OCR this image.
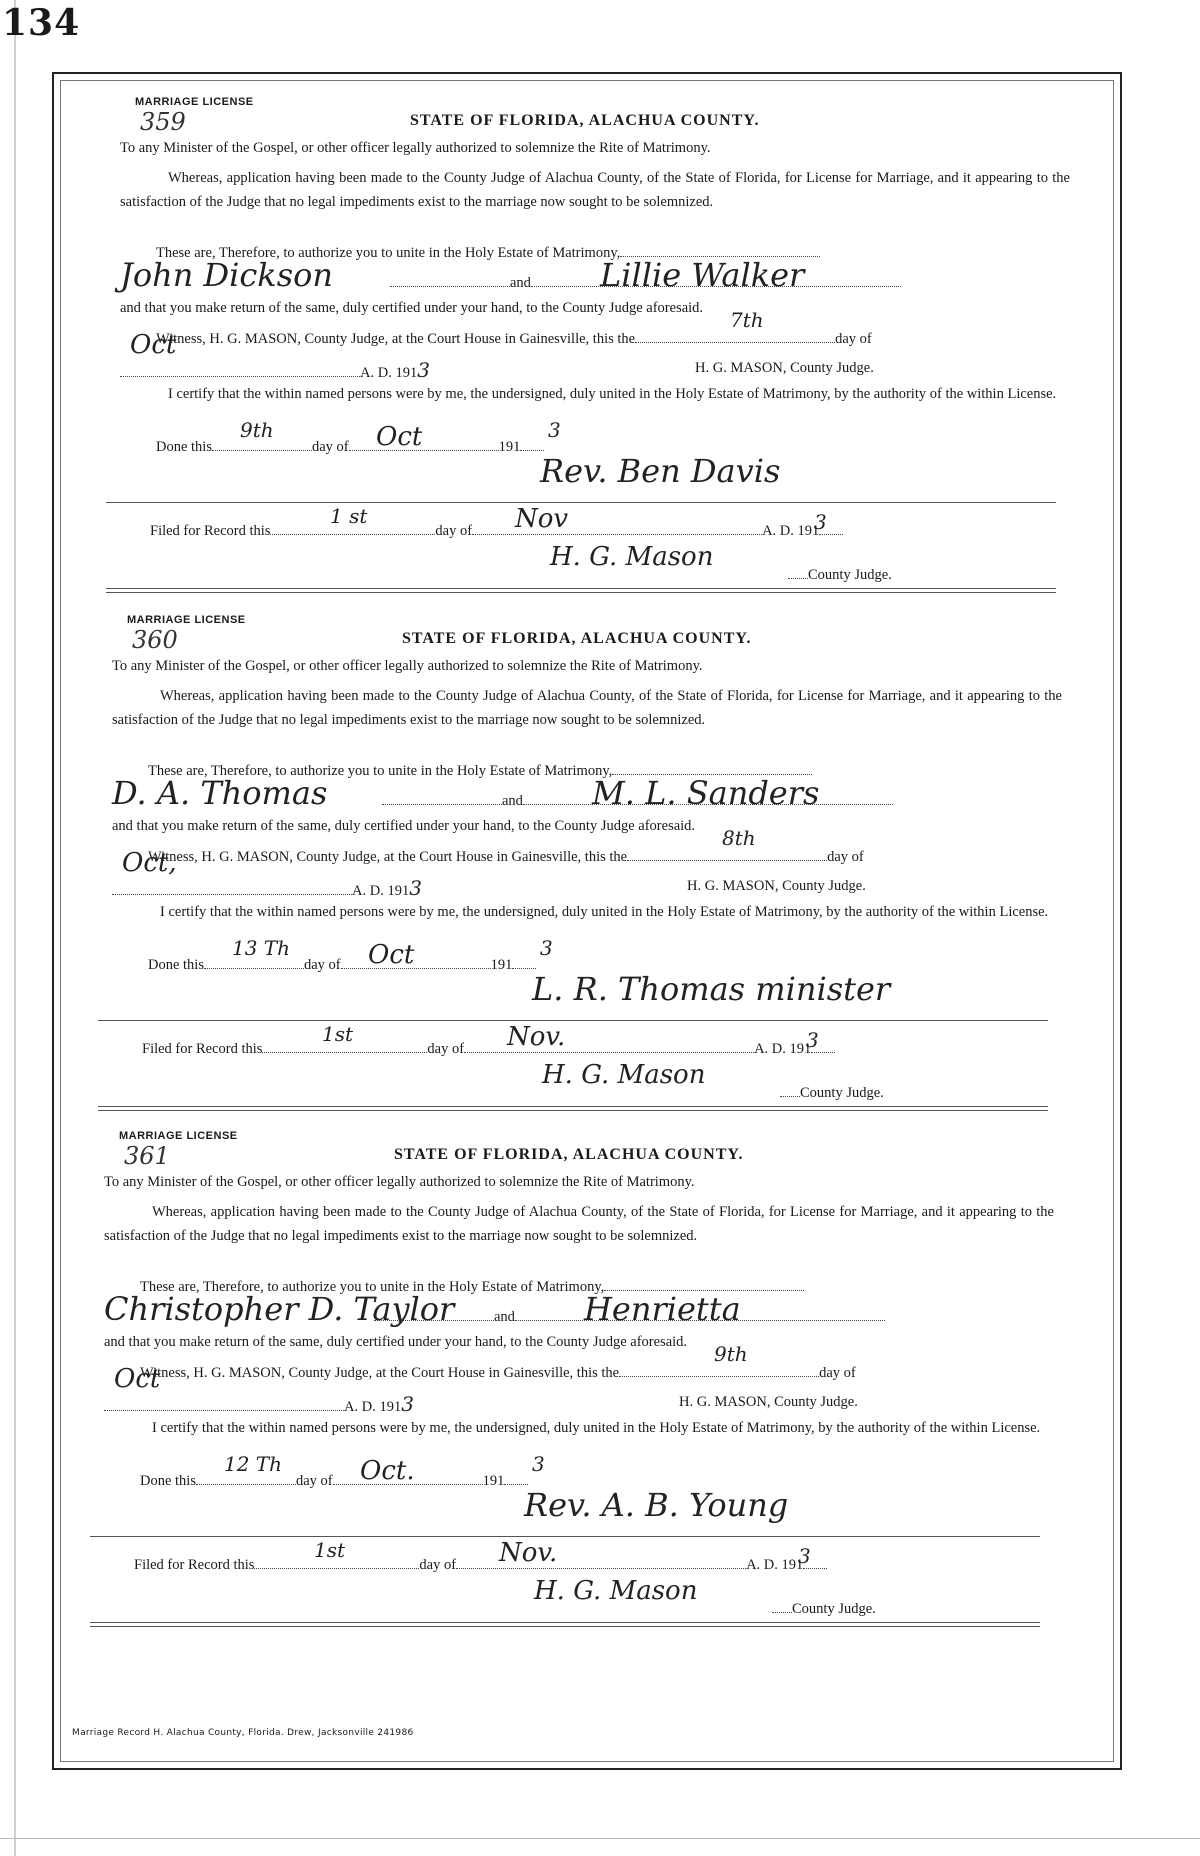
134
MARRIAGE LICENSE
359	STATE OF FLORIDA, ALACHUA COUNTY.
To any Minister of the Gospel, or other officer legally authorized to solemnize the Rite of Matrimony.
Whereas, application having been made to the County Judge of Alachua County, of the State of Florida, for License for Marriage, and it appearing to the satisfaction of the Judge that no legal impediments exist to the marriage now sought to be solemnized.
These are, Therefore, to authorize you to unite in the Holy Estate of Matrimony,
John Dickson	and	Lillie Walker
and that you make return of the same, duly certified under your hand, to the County Judge aforesaid.
Witness, H. G. MASON, County Judge, at the Court House in Gainesville, this the	day of
7th
Oct
A. D. 1913	H. G. MASON, County Judge.
I certify that the within named persons were by me, the undersigned, duly united in the Holy Estate of Matrimony, by the authority of the within License.
Done this	day of	191
9th	Oct	3
Rev. Ben Davis
Filed for Record this	day of	A. D. 191
1 st	Nov	3
H. G. Mason
County Judge.
MARRIAGE LICENSE
360	STATE OF FLORIDA, ALACHUA COUNTY.
To any Minister of the Gospel, or other officer legally authorized to solemnize the Rite of Matrimony.
Whereas, application having been made to the County Judge of Alachua County, of the State of Florida, for License for Marriage, and it appearing to the satisfaction of the Judge that no legal impediments exist to the marriage now sought to be solemnized.
These are, Therefore, to authorize you to unite in the Holy Estate of Matrimony,
D. A. Thomas	and	M. L. Sanders
and that you make return of the same, duly certified under your hand, to the County Judge aforesaid.
Witness, H. G. MASON, County Judge, at the Court House in Gainesville, this the	day of
8th
Oct,
A. D. 1913	H. G. MASON, County Judge.
I certify that the within named persons were by me, the undersigned, duly united in the Holy Estate of Matrimony, by the authority of the within License.
Done this	day of	191
13 Th	Oct	3
L. R. Thomas minister
Filed for Record this	day of	A. D. 191
1st	Nov.	3
H. G. Mason
County Judge.
MARRIAGE LICENSE
361	STATE OF FLORIDA, ALACHUA COUNTY.
To any Minister of the Gospel, or other officer legally authorized to solemnize the Rite of Matrimony.
Whereas, application having been made to the County Judge of Alachua County, of the State of Florida, for License for Marriage, and it appearing to the satisfaction of the Judge that no legal impediments exist to the marriage now sought to be solemnized.
These are, Therefore, to authorize you to unite in the Holy Estate of Matrimony,
Christopher D. Taylor	and	Henrietta
and that you make return of the same, duly certified under your hand, to the County Judge aforesaid.
Witness, H. G. MASON, County Judge, at the Court House in Gainesville, this the	day of
9th
Oct
A. D. 1913	H. G. MASON, County Judge.
I certify that the within named persons were by me, the undersigned, duly united in the Holy Estate of Matrimony, by the authority of the within License.
Done this	day of	191
12 Th	Oct.	3
Rev. A. B. Young
Filed for Record this	day of	A. D. 191
1st	Nov.	3
H. G. Mason
County Judge.
Marriage Record H. Alachua County, Florida. Drew, Jacksonville 241986
